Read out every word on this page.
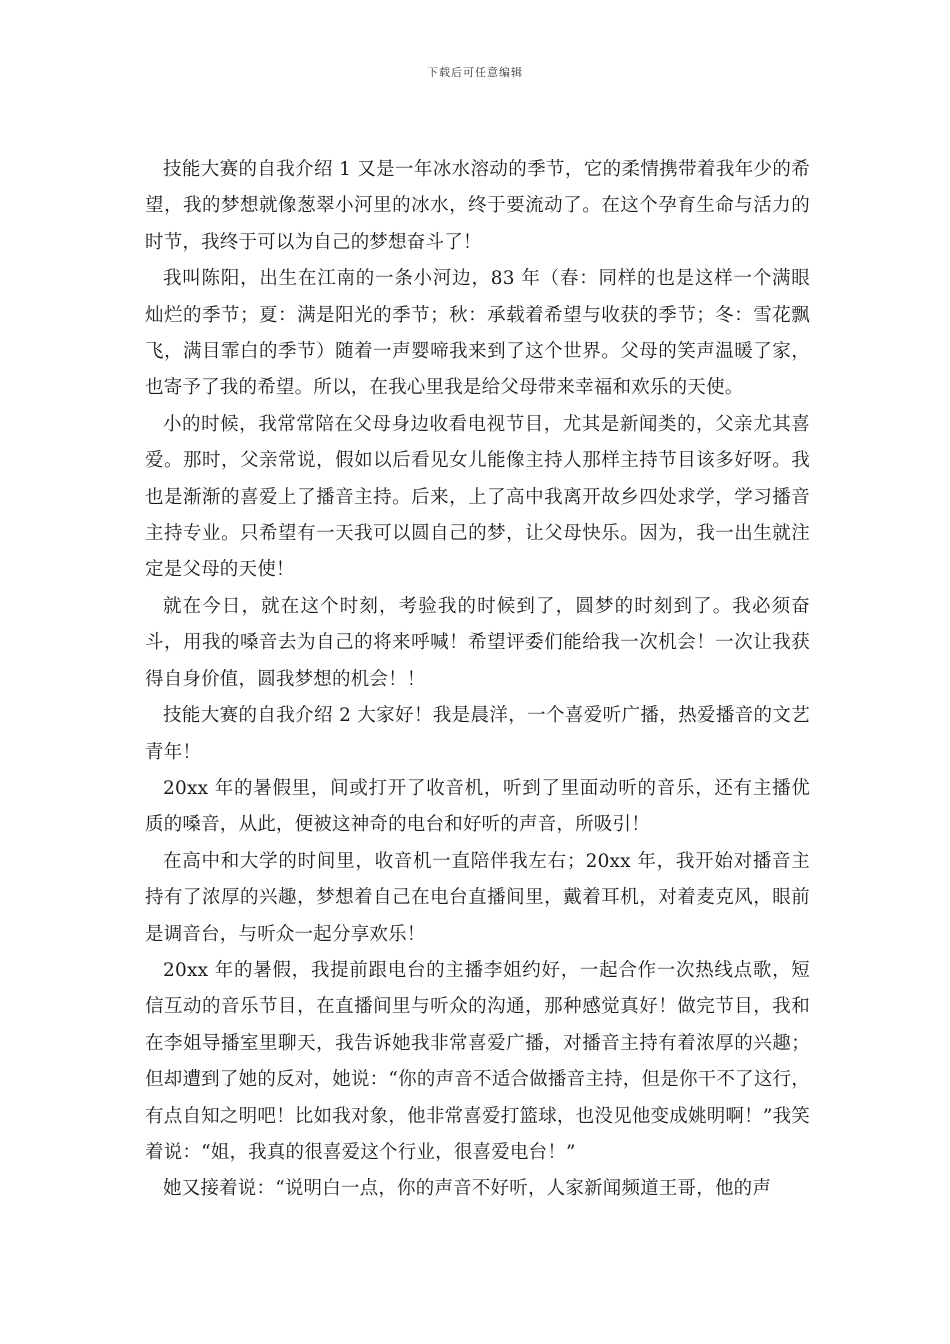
下载后可任意编辑

技能大赛的自我介绍 1 又是一年冰水溶动的季节，它的柔情携带着我年少的希望，我的梦想就像葱翠小河里的冰水，终于要流动了。在这个孕育生命与活力的时节，我终于可以为自己的梦想奋斗了！

我叫陈阳，出生在江南的一条小河边，83 年（春：同样的也是这样一个满眼灿烂的季节；夏：满是阳光的季节；秋：承载着希望与收获的季节；冬：雪花飘飞，满目霏白的季节）随着一声婴啼我来到了这个世界。父母的笑声温暖了家，也寄予了我的希望。所以，在我心里我是给父母带来幸福和欢乐的天使。

小的时候，我常常陪在父母身边收看电视节目，尤其是新闻类的，父亲尤其喜爱。那时，父亲常说，假如以后看见女儿能像主持人那样主持节目该多好呀。我也是渐渐的喜爱上了播音主持。后来，上了高中我离开故乡四处求学，学习播音主持专业。只希望有一天我可以圆自己的梦，让父母快乐。因为，我一出生就注定是父母的天使！

就在今日，就在这个时刻，考验我的时候到了，圆梦的时刻到了。我必须奋斗，用我的嗓音去为自己的将来呼喊！希望评委们能给我一次机会！一次让我获得自身价值，圆我梦想的机会！！

技能大赛的自我介绍 2 大家好！我是晨洋，一个喜爱听广播，热爱播音的文艺青年！

20xx 年的暑假里，间或打开了收音机，听到了里面动听的音乐，还有主播优质的嗓音，从此，便被这神奇的电台和好听的声音，所吸引！

在高中和大学的时间里，收音机一直陪伴我左右；20xx 年，我开始对播音主持有了浓厚的兴趣，梦想着自己在电台直播间里，戴着耳机，对着麦克风，眼前是调音台，与听众一起分享欢乐！

20xx 年的暑假，我提前跟电台的主播李姐约好，一起合作一次热线点歌，短信互动的音乐节目，在直播间里与听众的沟通，那种感觉真好！做完节目，我和在李姐导播室里聊天，我告诉她我非常喜爱广播，对播音主持有着浓厚的兴趣；但却遭到了她的反对，她说：“你的声音不适合做播音主持，但是你干不了这行，有点自知之明吧！比如我对象，他非常喜爱打篮球，也没见他变成姚明啊！”我笑着说：“姐，我真的很喜爱这个行业，很喜爱电台！”

她又接着说：“说明白一点，你的声音不好听，人家新闻频道王哥，他的声
